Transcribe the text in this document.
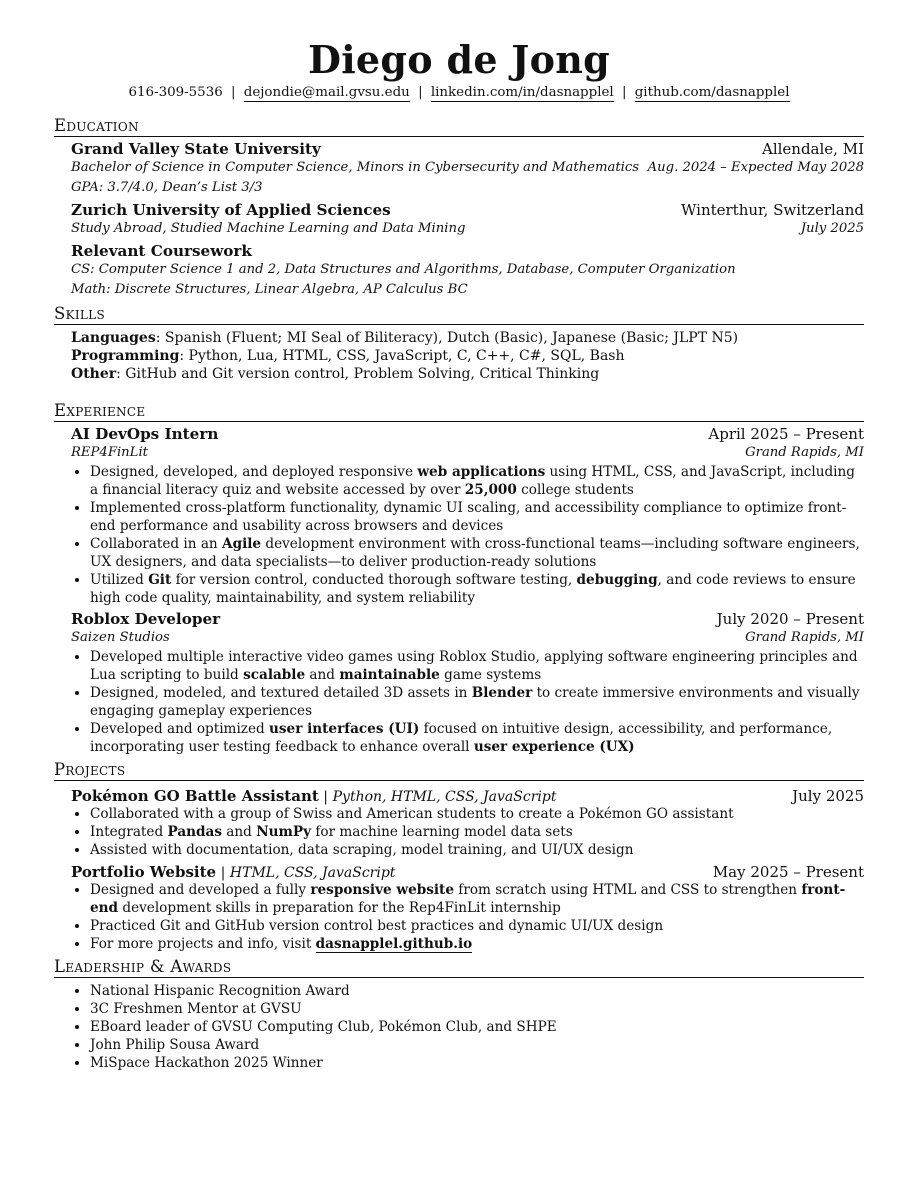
Diego de Jong
616-309-5536 | dejondie@mail.gvsu.edu | linkedin.com/in/dasnapplel | github.com/dasnapplel
Education
Grand Valley State University	Allendale, MI
Bachelor of Science in Computer Science, Minors in Cybersecurity and Mathematics Aug. 2024 – Expected May 2028
GPA: 3.7/4.0, Dean’s List 3/3
Zurich University of Applied Sciences	Winterthur, Switzerland
Study Abroad, Studied Machine Learning and Data Mining	July 2025
Relevant Coursework
CS: Computer Science 1 and 2, Data Structures and Algorithms, Database, Computer Organization
Math: Discrete Structures, Linear Algebra, AP Calculus BC
Skills
Languages: Spanish (Fluent; MI Seal of Biliteracy), Dutch (Basic), Japanese (Basic; JLPT N5)
Programming: Python, Lua, HTML, CSS, JavaScript, C, C++, C#, SQL, Bash
Other: GitHub and Git version control, Problem Solving, Critical Thinking
Experience
AI DevOps Intern	April 2025 – Present
REP4FinLit	Grand Rapids, MI
• Designed, developed, and deployed responsive web applications using HTML, CSS, and JavaScript, including a financial literacy quiz and website accessed by over 25,000 college students
• Implemented cross-platform functionality, dynamic UI scaling, and accessibility compliance to optimize front-end performance and usability across browsers and devices
• Collaborated in an Agile development environment with cross-functional teams—including software engineers, UX designers, and data specialists—to deliver production-ready solutions
• Utilized Git for version control, conducted thorough software testing, debugging, and code reviews to ensure high code quality, maintainability, and system reliability
Roblox Developer	July 2020 – Present
Saizen Studios	Grand Rapids, MI
• Developed multiple interactive video games using Roblox Studio, applying software engineering principles and Lua scripting to build scalable and maintainable game systems
• Designed, modeled, and textured detailed 3D assets in Blender to create immersive environments and visually engaging gameplay experiences
• Developed and optimized user interfaces (UI) focused on intuitive design, accessibility, and performance, incorporating user testing feedback to enhance overall user experience (UX)
Projects
Pokémon GO Battle Assistant | Python, HTML, CSS, JavaScript	July 2025
• Collaborated with a group of Swiss and American students to create a Pokémon GO assistant
• Integrated Pandas and NumPy for machine learning model data sets
• Assisted with documentation, data scraping, model training, and UI/UX design
Portfolio Website | HTML, CSS, JavaScript	May 2025 – Present
• Designed and developed a fully responsive website from scratch using HTML and CSS to strengthen front-end development skills in preparation for the Rep4FinLit internship
• Practiced Git and GitHub version control best practices and dynamic UI/UX design
• For more projects and info, visit dasnapplel.github.io
Leadership & Awards
• National Hispanic Recognition Award
• 3C Freshmen Mentor at GVSU
• EBoard leader of GVSU Computing Club, Pokémon Club, and SHPE
• John Philip Sousa Award
• MiSpace Hackathon 2025 Winner
